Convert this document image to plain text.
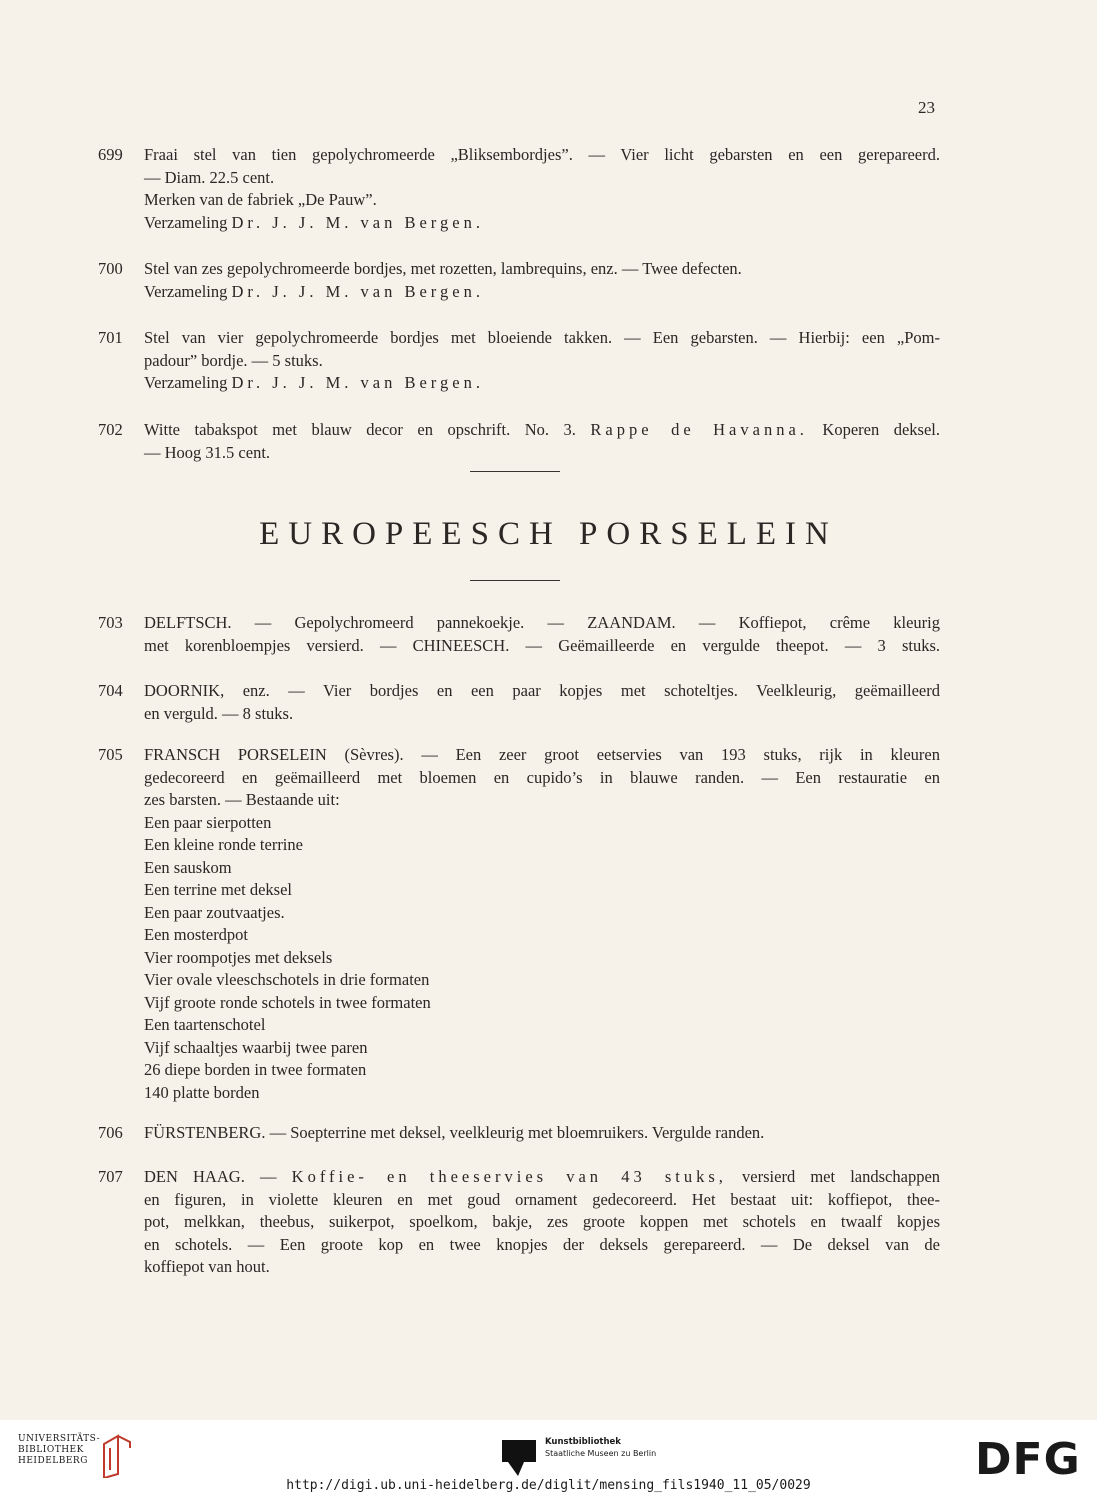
23
699 Fraai stel van tien gepolychromeerde „Bliksembordjes”. — Vier licht gebarsten en een gerepareerd.
— Diam. 22.5 cent.
Merken van de fabriek „De Pauw”.
Verzameling Dr. J. J. M. van Bergen.
700 Stel van zes gepolychromeerde bordjes, met rozetten, lambrequins, enz. — Twee defecten.
Verzameling Dr. J. J. M. van Bergen.
701 Stel van vier gepolychromeerde bordjes met bloeiende takken. — Een gebarsten. — Hierbij: een „Pom-
padour” bordje. — 5 stuks.
Verzameling Dr. J. J. M. van Bergen.
702 Witte tabakspot met blauw decor en opschrift. No. 3. Rappe de Havanna. Koperen deksel.
— Hoog 31.5 cent.
EUROPEESCH PORSELEIN
703 DELFTSCH. — Gepolychromeerd pannekoekje. — ZAANDAM. — Koffiepot, crême kleurig
met korenbloempjes versierd. — CHINEESCH. — Geëmailleerde en vergulde theepot. — 3 stuks.
704 DOORNIK, enz. — Vier bordjes en een paar kopjes met schoteltjes. Veelkleurig, geëmailleerd
en verguld. — 8 stuks.
705 FRANSCH PORSELEIN (Sèvres). — Een zeer groot eetservies van 193 stuks, rijk in kleuren
gedecoreerd en geëmailleerd met bloemen en cupido’s in blauwe randen. — Een restauratie en
zes barsten. — Bestaande uit:
Een paar sierpotten
Een kleine ronde terrine
Een sauskom
Een terrine met deksel
Een paar zoutvaatjes.
Een mosterdpot
Vier roompotjes met deksels
Vier ovale vleeschschotels in drie formaten
Vijf groote ronde schotels in twee formaten
Een taartenschotel
Vijf schaaltjes waarbij twee paren
26 diepe borden in twee formaten
140 platte borden
706 FÜRSTENBERG. — Soepterrine met deksel, veelkleurig met bloemruikers. Vergulde randen.
707 DEN HAAG. — Koffie- en theeservies van 43 stuks, versierd met landschappen
en figuren, in violette kleuren en met goud ornament gedecoreerd. Het bestaat uit: koffiepot, thee-
pot, melkkan, theebus, suikerpot, spoelkom, bakje, zes groote koppen met schotels en twaalf kopjes
en schotels. — Een groote kop en twee knopjes der deksels gerepareerd. — De deksel van de
koffiepot van hout.
UNIVERSITÄTS-
BIBLIOTHEK
HEIDELBERG
Kunstbibliothek
Staatliche Museen zu Berlin	DFG
http://digi.ub.uni-heidelberg.de/diglit/mensing_fils1940_11_05/0029
